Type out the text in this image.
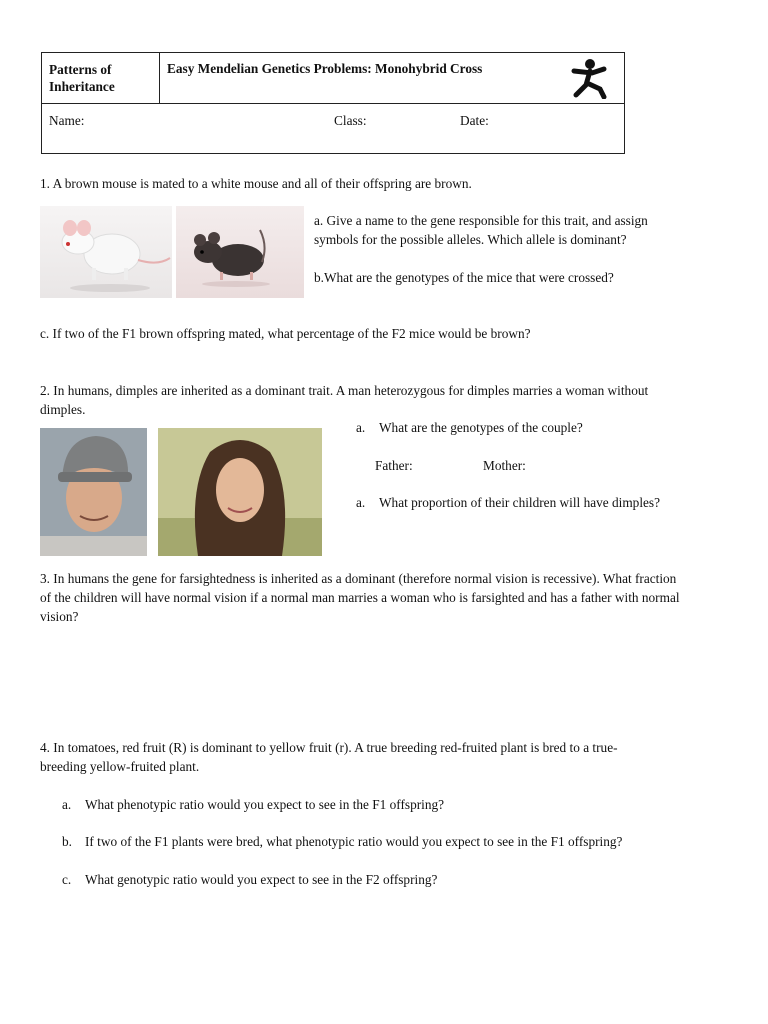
Patterns of Inheritance
Easy Mendelian Genetics Problems: Monohybrid Cross
Name:	Class:	Date:
1. A brown mouse is mated to a white mouse and all of their offspring are brown.
a. Give a name to the gene responsible for this trait, and assign symbols for the possible alleles. Which allele is dominant?
b.What are the genotypes of the mice that were crossed?
c. If two of the F1 brown offspring mated, what percentage of the F2 mice would be brown?
2. In humans, dimples are inherited as a dominant trait. A man heterozygous for dimples marries a woman without dimples.
a. What are the genotypes of the couple?
Father:	Mother:
a. What proportion of their children will have dimples?
3. In humans the gene for farsightedness is inherited as a dominant (therefore normal vision is recessive). What fraction of the children will have normal vision if a normal man marries a woman who is farsighted and has a father with normal vision?
4. In tomatoes, red fruit (R) is dominant to yellow fruit (r). A true breeding red-fruited plant is bred to a true-breeding yellow-fruited plant.
a. What phenotypic ratio would you expect to see in the F1 offspring?
b. If two of the F1 plants were bred, what phenotypic ratio would you expect to see in the F1 offspring?
c. What genotypic ratio would you expect to see in the F2 offspring?
